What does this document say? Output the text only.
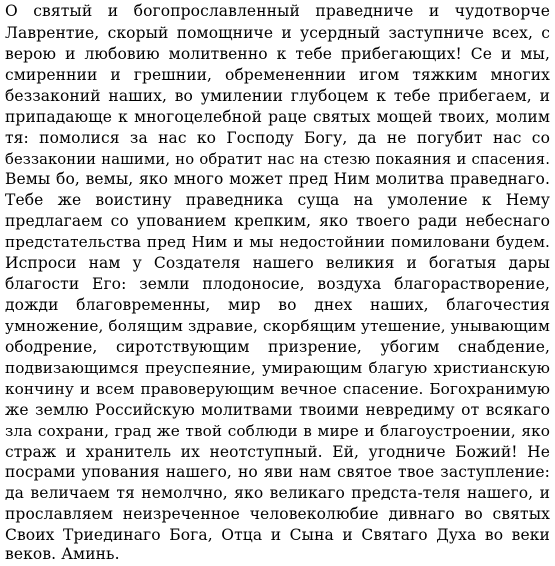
О святый и богопрославленный праведниче и чудотворче
Лаврентие, скорый помощниче и усердный заступниче всех, с
верою и любовию молитвенно к тебе прибегающих! Се и мы,
смиреннии и грешнии, обремененнии игом тяжким многих
беззаконий наших, во умилении глубоцем к тебе прибегаем, и
припадающе к многоцелебной раце святых мощей твоих, молим
тя: помолися за нас ко Господу Богу, да не погубит нас со
беззаконии нашими, но обратит нас на стезю покаяния и спасения.
Вемы бо, вемы, яко много может пред Ним молитва праведнаго.
Тебе же воистину праведника суща на умоление к Нему
предлагаем со упованием крепким, яко твоего ради небеснаго
предстательства пред Ним и мы недостойнии помиловани будем.
Испроси нам у Создателя нашего великия и богатыя дары
благости Его: земли плодоносие, воздуха благорастворение,
дожди благовременны, мир во днех наших, благочестия
умножение, болящим здравие, скорбящим утешение, унывающим
ободрение, сиротствующим призрение, убогим снабдение,
подвизающимся преуспеяние, умирающим благую христианскую
кончину и всем правоверующим вечное спасение. Богохранимую
же землю Российскую молитвами твоими невредиму от всякаго
зла сохрани, град же твой соблюди в мире и благоустроении, яко
страж и хранитель их неотступный. Ей, угодниче Божий! Не
посрами упования нашего, но яви нам святое твое заступление:
да величаем тя немолчно, яко великаго предста-теля нашего, и
прославляем неизреченное человеколюбие дивнаго во святых
Своих Триединаго Бога, Отца и Сына и Святаго Духа во веки
веков. Аминь.
